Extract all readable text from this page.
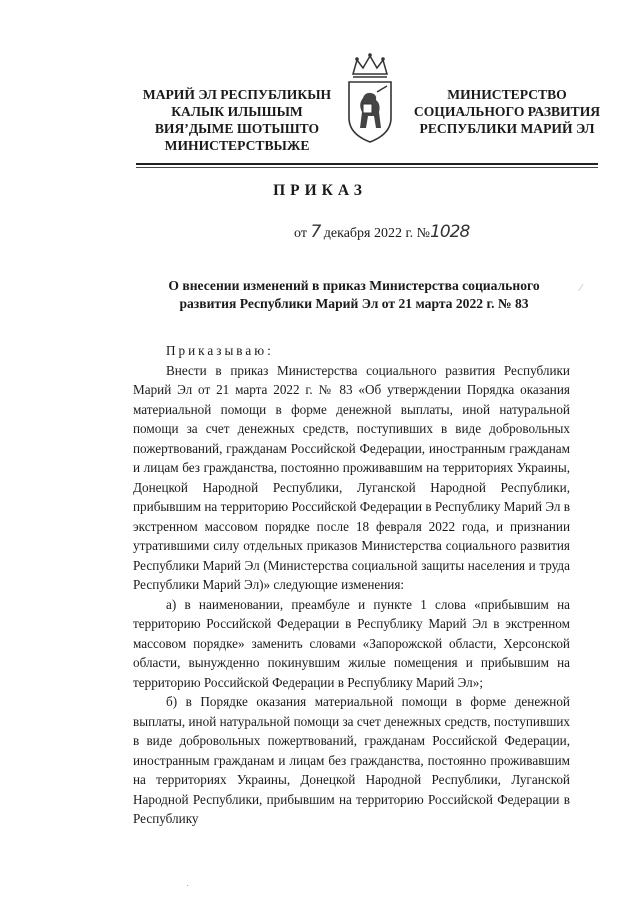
МАРИЙ ЭЛ РЕСПУБЛИКЫН
КАЛЫК ИЛЫШЫМ
ВИЯ’ДЫМЕ ШОТЫШТО
МИНИСТЕРСТВЫЖЕ
МИНИСТЕРСТВО
СОЦИАЛЬНОГО РАЗВИТИЯ
РЕСПУБЛИКИ МАРИЙ ЭЛ
ПРИКАЗ
от 7 декабря 2022 г. №1028
О внесении изменений в приказ Министерства социального
развития Республики Марий Эл от 21 марта 2022 г. № 83

Приказываю:

Внести в приказ Министерства социального развития Республики Марий Эл от 21 марта 2022 г. № 83 «Об утверждении Порядка оказания материальной помощи в форме денежной выплаты, иной натуральной помощи за счет денежных средств, поступивших в виде добровольных пожертвований, гражданам Российской Федерации, иностранным гражданам и лицам без гражданства, постоянно проживавшим на территориях Украины, Донецкой Народной Республики, Луганской Народной Республики, прибывшим на территорию Российской Федерации в Республику Марий Эл в экстренном массовом порядке после 18 февраля 2022 года, и признании утратившими силу отдельных приказов Министерства социального развития Республики Марий Эл (Министерства социальной защиты населения и труда Республики Марий Эл)» следующие изменения:

а) в наименовании, преамбуле и пункте 1 слова «прибывшим на территорию Российской Федерации в Республику Марий Эл в экстренном массовом порядке» заменить словами «Запорожской области, Херсонской области, вынужденно покинувшим жилые помещения и прибывшим на территорию Российской Федерации в Республику Марий Эл»;

б) в Порядке оказания материальной помощи в форме денежной выплаты, иной натуральной помощи за счет денежных средств, поступивших в виде добровольных пожертвований, гражданам Российской Федерации, иностранным гражданам и лицам без гражданства, постоянно проживавшим на территориях Украины, Донецкой Народной Республики, Луганской Народной Республики, прибывшим на территорию Российской Федерации в Республику

⁄
˙
